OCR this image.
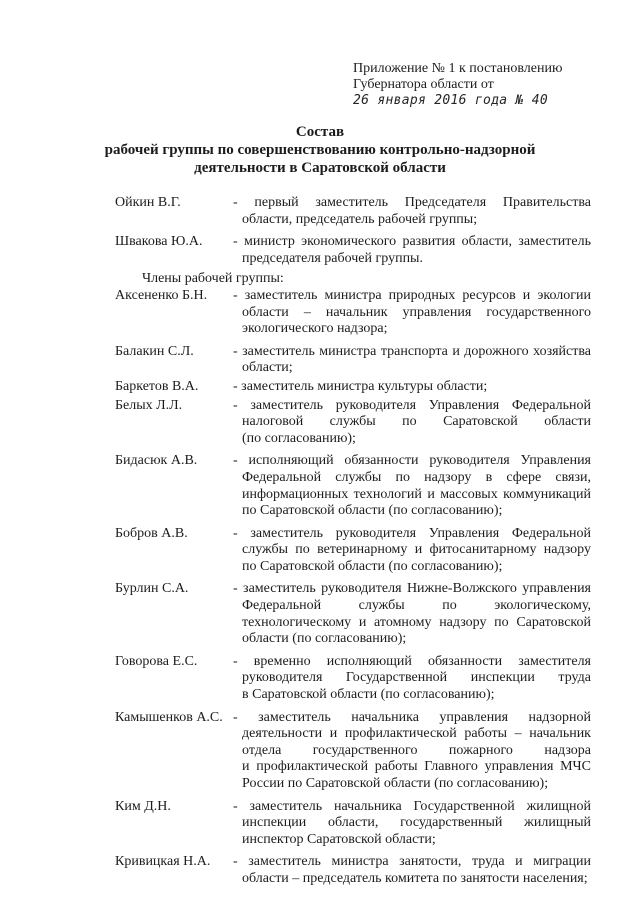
Приложение № 1 к постановлению
Губернатора области от
26 января 2016 года № 40
Состав
рабочей группы по совершенствованию контрольно-надзорной
деятельности в Саратовской области
Ойкин В.Г.	- первый заместитель Председателя Правительства
области, председатель рабочей группы;
Швакова Ю.А.	- министр экономического развития области, заместитель
председателя рабочей группы.
Члены рабочей группы:
Аксененко Б.Н.	- заместитель министра природных ресурсов и экологии
области – начальник управления государственного
экологического надзора;
Балакин С.Л.	- заместитель министра транспорта и дорожного хозяйства
области;
Баркетов В.А.	- заместитель министра культуры области;
Белых Л.Л.	- заместитель руководителя Управления Федеральной
налоговой службы по Саратовской области
(по согласованию);
Бидасюк А.В.	- исполняющий обязанности руководителя Управления
Федеральной службы по надзору в сфере связи,
информационных технологий и массовых коммуникаций
по Саратовской области (по согласованию);
Бобров А.В.	- заместитель руководителя Управления Федеральной
службы по ветеринарному и фитосанитарному надзору
по Саратовской области (по согласованию);
Бурлин С.А.	- заместитель руководителя Нижне-Волжского управления
Федеральной службы по экологическому,
технологическому и атомному надзору по Саратовской
области (по согласованию);
Говорова Е.С.	- временно исполняющий обязанности заместителя
руководителя Государственной инспекции труда
в Саратовской области (по согласованию);
Камышенков А.С. - заместитель начальника управления надзорной
деятельности и профилактической работы – начальник
отдела государственного пожарного надзора
и профилактической работы Главного управления МЧС
России по Саратовской области (по согласованию);
Ким Д.Н.	- заместитель начальника Государственной жилищной
инспекции области, государственный жилищный
инспектор Саратовской области;
Кривицкая Н.А.	- заместитель министра занятости, труда и миграции
области – председатель комитета по занятости населения;
